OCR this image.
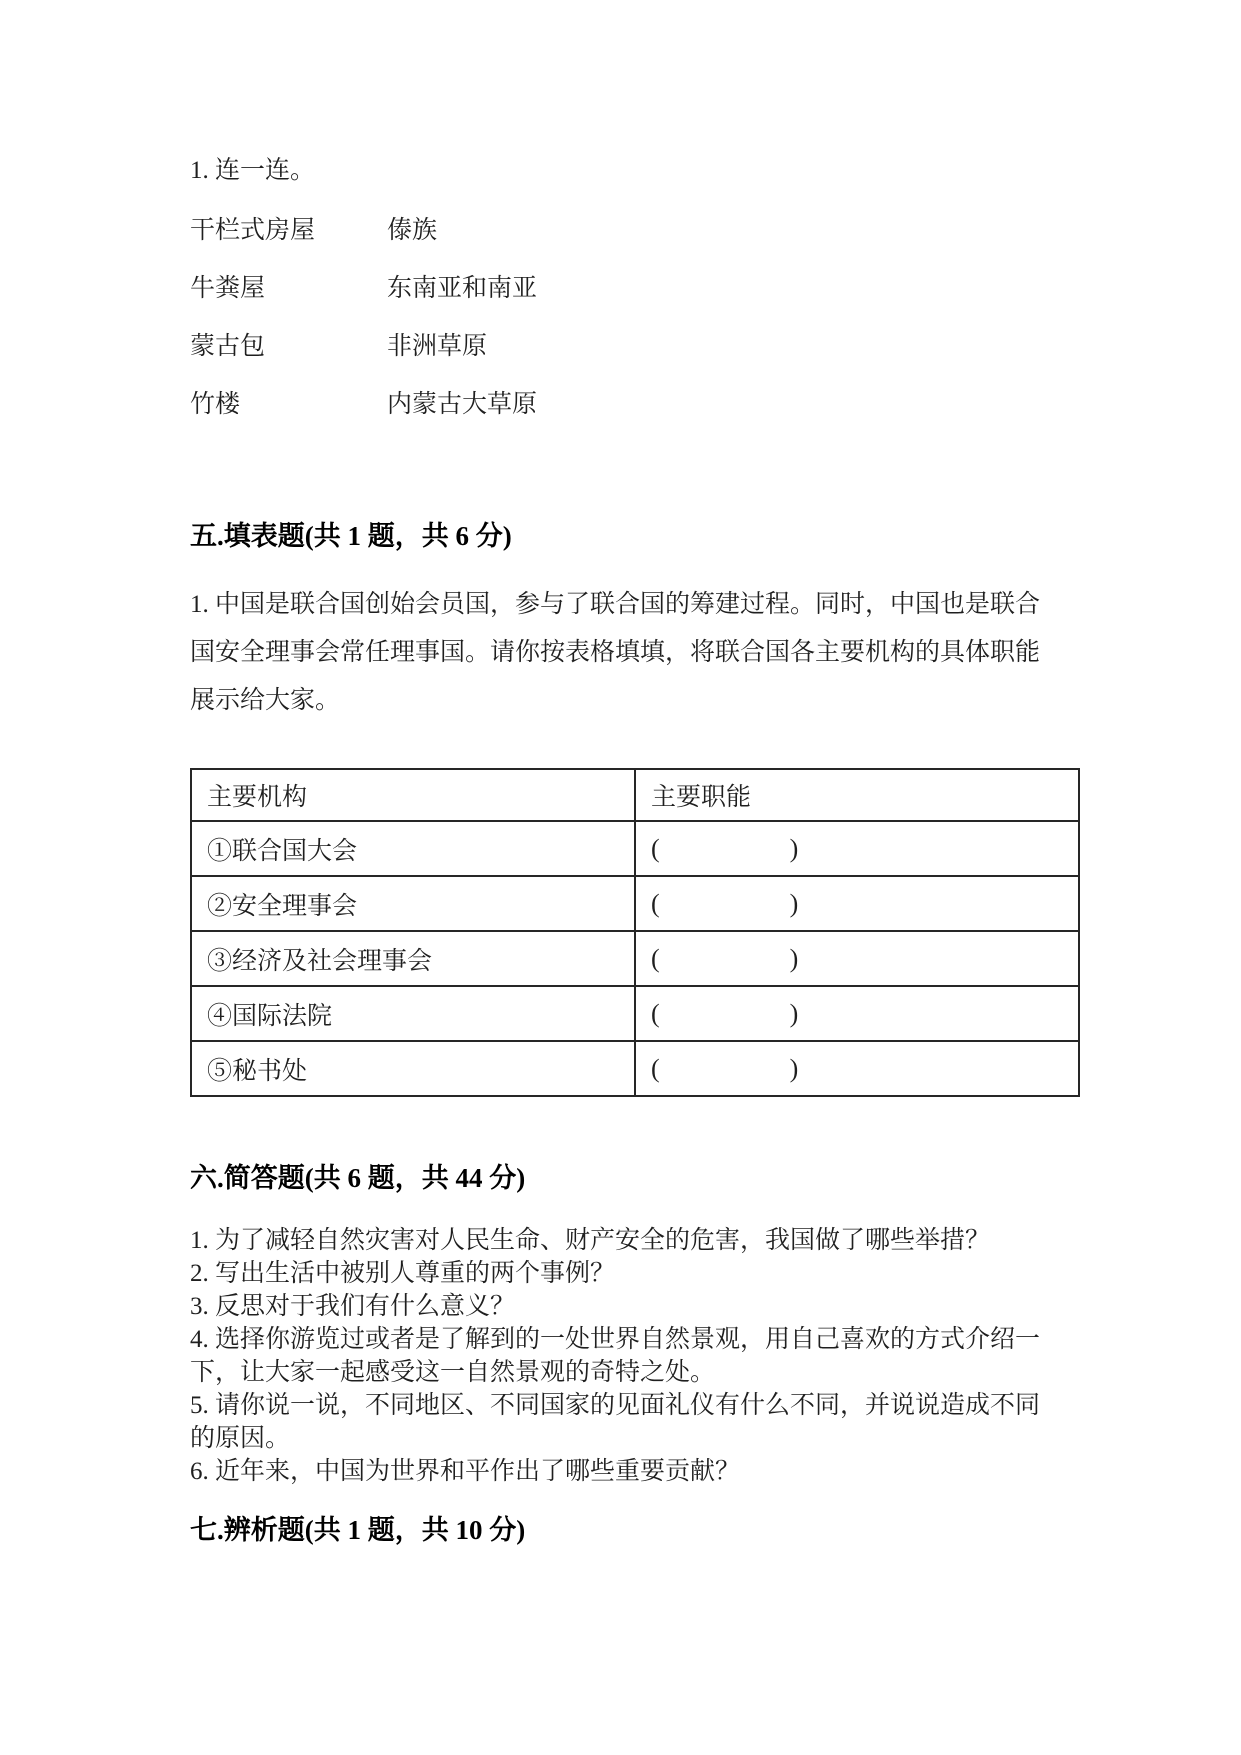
1. 连一连。
干栏式房屋	傣族
牛粪屋	东南亚和南亚
蒙古包	非洲草原
竹楼	内蒙古大草原
五.填表题(共 1 题，共 6 分)
1. 中国是联合国创始会员国，参与了联合国的筹建过程。同时，中国也是联合
国安全理事会常任理事国。请你按表格填填，将联合国各主要机构的具体职能
展示给大家。
主要机构	主要职能
①联合国大会	( )

②安全理事会	( )

③经济及社会理事会	( )

④国际法院	( )

⑤秘书处	( )
六.简答题(共 6 题，共 44 分)
1. 为了减轻自然灾害对人民生命、财产安全的危害，我国做了哪些举措？
2. 写出生活中被别人尊重的两个事例？
3. 反思对于我们有什么意义？
4. 选择你游览过或者是了解到的一处世界自然景观，用自己喜欢的方式介绍一
下，让大家一起感受这一自然景观的奇特之处。
5. 请你说一说，不同地区、不同国家的见面礼仪有什么不同，并说说造成不同
的原因。
6. 近年来，中国为世界和平作出了哪些重要贡献？
七.辨析题(共 1 题，共 10 分)
